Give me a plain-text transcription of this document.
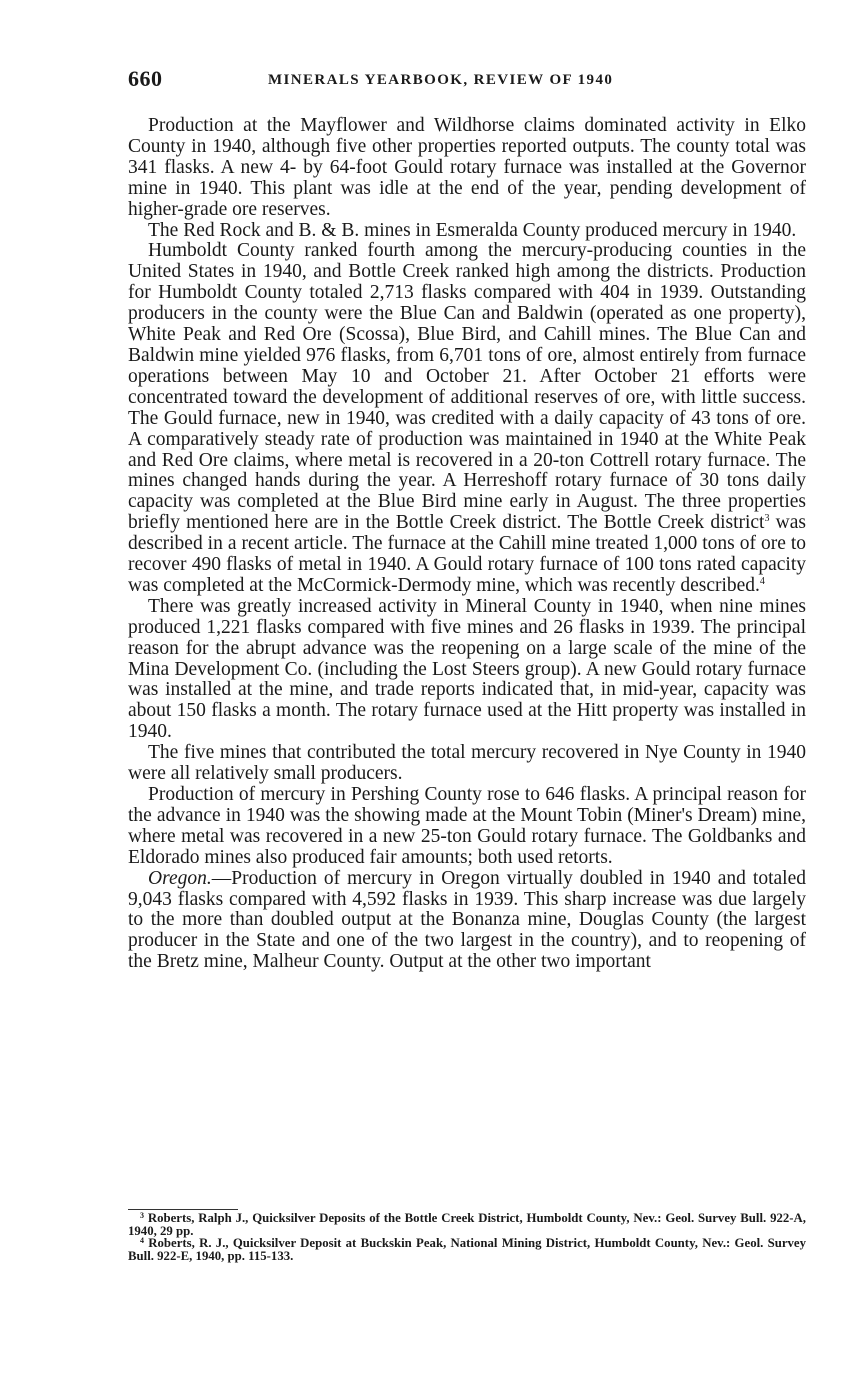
660	MINERALS YEARBOOK, REVIEW OF 1940

Production at the Mayflower and Wildhorse claims dominated activity in Elko County in 1940, although five other properties reported outputs. The county total was 341 flasks. A new 4- by 64-foot Gould rotary furnace was installed at the Governor mine in 1940. This plant was idle at the end of the year, pending development of higher-grade ore reserves.

The Red Rock and B. & B. mines in Esmeralda County produced mercury in 1940.

Humboldt County ranked fourth among the mercury-producing counties in the United States in 1940, and Bottle Creek ranked high among the districts. Production for Humboldt County totaled 2,713 flasks compared with 404 in 1939. Outstanding producers in the county were the Blue Can and Baldwin (operated as one property), White Peak and Red Ore (Scossa), Blue Bird, and Cahill mines. The Blue Can and Baldwin mine yielded 976 flasks, from 6,701 tons of ore, almost entirely from furnace operations between May 10 and October 21. After October 21 efforts were concentrated toward the development of additional reserves of ore, with little success. The Gould furnace, new in 1940, was credited with a daily capacity of 43 tons of ore. A comparatively steady rate of production was maintained in 1940 at the White Peak and Red Ore claims, where metal is recovered in a 20-ton Cottrell rotary furnace. The mines changed hands during the year. A Herreshoff rotary furnace of 30 tons daily capacity was completed at the Blue Bird mine early in August. The three properties briefly mentioned here are in the Bottle Creek district. The Bottle Creek district$^3$ was described in a recent article. The furnace at the Cahill mine treated 1,000 tons of ore to recover 490 flasks of metal in 1940. A Gould rotary furnace of 100 tons rated capacity was completed at the McCormick-Dermody mine, which was recently described.$^4$

There was greatly increased activity in Mineral County in 1940, when nine mines produced 1,221 flasks compared with five mines and 26 flasks in 1939. The principal reason for the abrupt advance was the reopening on a large scale of the mine of the Mina Development Co. (including the Lost Steers group). A new Gould rotary furnace was installed at the mine, and trade reports indicated that, in mid-year, capacity was about 150 flasks a month. The rotary furnace used at the Hitt property was installed in 1940.

The five mines that contributed the total mercury recovered in Nye County in 1940 were all relatively small producers.

Production of mercury in Pershing County rose to 646 flasks. A principal reason for the advance in 1940 was the showing made at the Mount Tobin (Miner's Dream) mine, where metal was recovered in a new 25-ton Gould rotary furnace. The Goldbanks and Eldorado mines also produced fair amounts; both used retorts.

Oregon.—Production of mercury in Oregon virtually doubled in 1940 and totaled 9,043 flasks compared with 4,592 flasks in 1939. This sharp increase was due largely to the more than doubled output at the Bonanza mine, Douglas County (the largest producer in the State and one of the two largest in the country), and to reopening of the Bretz mine, Malheur County. Output at the other two important

$^3$ Roberts, Ralph J., Quicksilver Deposits of the Bottle Creek District, Humboldt County, Nev.: Geol. Survey Bull. 922-A, 1940, 29 pp.

$^4$ Roberts, R. J., Quicksilver Deposit at Buckskin Peak, National Mining District, Humboldt County, Nev.: Geol. Survey Bull. 922-E, 1940, pp. 115-133.
